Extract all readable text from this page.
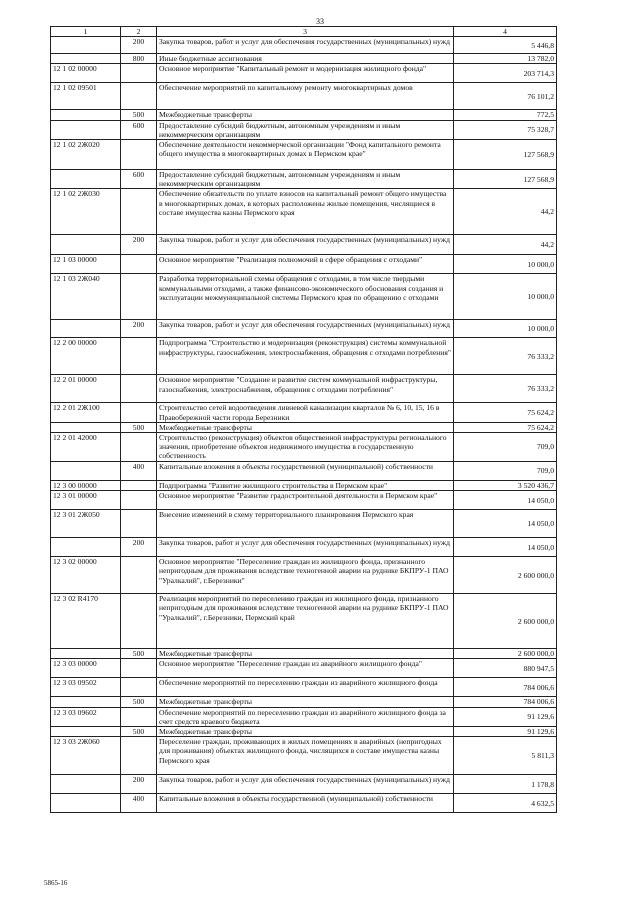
33
1	2	3	4
	200	Закупка товаров, работ и услуг для обеспечения государственных (муниципальных) нужд	5 446,8
	800	Иные бюджетные ассигнования	13 782,0
12 1 02 00000		Основное мероприятие "Капитальный ремонт и модернизация жилищного фонда"	203 714,3
12 1 02 09501		Обеспечение мероприятий по капитальному ремонту многоквартирных домов	76 101,2
	500	Межбюджетные трансферты	772,5
	600	Предоставление субсидий бюджетным, автономным учреждениям и иным некоммерческим организациям	75 328,7
12 1 02 2Ж020		Обеспечение деятельности некоммерческой организации "Фонд капитального ремонта общего имущества в многоквартирных домах в Пермском крае"	127 568,9
	600	Предоставление субсидий бюджетным, автономным учреждениям и иным некоммерческим организациям	127 568,9
12 1 02 2Ж030		Обеспечение обязательств по уплате взносов на капитальный ремонт общего имущества в многоквартирных домах, в которых расположены жилые помещения, числящиеся в составе имущества казны Пермского края	44,2
	200	Закупка товаров, работ и услуг для обеспечения государственных (муниципальных) нужд	44,2
12 1 03 00000		Основное мероприятие "Реализация полномочий в сфере обращения с отходами"	10 000,0
12 1 03 2Ж040		Разработка территориальной схемы обращения с отходами, в том числе твердыми коммунальными отходами, а также финансово-экономического обоснования создания и эксплуатации межмуниципальной системы Пермского края по обращению с отходами	10 000,0
	200	Закупка товаров, работ и услуг для обеспечения государственных (муниципальных) нужд	10 000,0
12 2 00 00000		Подпрограмма "Строительство и модернизация (реконструкция) системы коммунальной инфраструктуры, газоснабжения, электроснабжения, обращения с отходами потребления"	76 333,2
12 2 01 00000		Основное мероприятие "Создание и развитие систем коммунальной инфраструктуры, газоснабжения, электроснабжения, обращения с отходами потребления"	76 333,2
12 2 01 2Ж100		Строительство сетей водоотведения ливневой канализации кварталов № 6, 10, 15, 16 в Правобережной части города Березники	75 624,2
	500	Межбюджетные трансферты	75 624,2
12 2 01 42000		Строительство (реконструкция) объектов общественной инфраструктуры регионального значения, приобретение объектов недвижимого имущества в государственную собственность	709,0
	400	Капитальные вложения в объекты государственной (муниципальной) собственности	709,0
12 3 00 00000		Подпрограмма "Развитие жилищного строительства в Пермском крае"	3 520 436,7
12 3 01 00000		Основное мероприятие "Развитие градостроительной деятельности в Пермском крае"	14 050,0
12 3 01 2Ж050		Внесение изменений в схему территориального планирования Пермского края	14 050,0
	200	Закупка товаров, работ и услуг для обеспечения государственных (муниципальных) нужд	14 050,0
12 3 02 00000		Основное мероприятие "Переселение граждан из жилищного фонда, признанного непригодным для проживания вследствие техногенной аварии на руднике БКПРУ-1 ПАО "Уралкалий", г.Березники"	2 600 000,0
12 3 02 R4170		Реализация мероприятий по переселению граждан из жилищного фонда, признанного непригодным для проживания вследствие техногенной аварии на руднике БКПРУ-1 ПАО "Уралкалий", г.Березники, Пермский край	2 600 000,0
	500	Межбюджетные трансферты	2 600 000,0
12 3 03 00000		Основное мероприятие "Переселение граждан из аварийного жилищного фонда"	880 947,5
12 3 03 09502		Обеспечение мероприятий по переселению граждан из аварийного жилищного фонда	784 006,6
	500	Межбюджетные трансферты	784 006,6
12 3 03 09602		Обеспечение мероприятий по переселению граждан из аварийного жилищного фонда за счет средств краевого бюджета	91 129,6
	500	Межбюджетные трансферты	91 129,6
12 3 03 2Ж060		Переселение граждан, проживающих в жилых помещениях в аварийных (непригодных для проживания) объектах жилищного фонда, числящихся в составе имущества казны Пермского края	5 811,3
	200	Закупка товаров, работ и услуг для обеспечения государственных (муниципальных) нужд	1 178,8
	400	Капитальные вложения в объекты государственной (муниципальной) собственности	4 632,5
5865-16
